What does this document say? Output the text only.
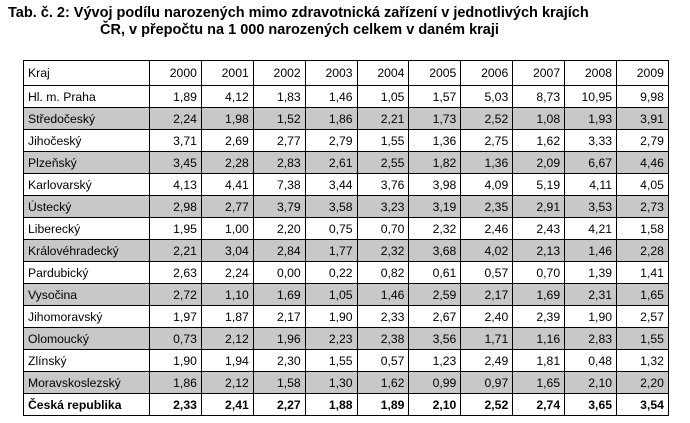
Tab. č. 2: Vývoj podílu narozených mimo zdravotnická zařízení v jednotlivých krajích
ČR, v přepočtu na 1 000 narozených celkem v daném kraji
Kraj	2000	2001	2002	2003	2004	2005	2006	2007	2008	2009
Hl. m. Praha	1,89	4,12	1,83	1,46	1,05	1,57	5,03	8,73	10,95	9,98
Středočeský	2,24	1,98	1,52	1,86	2,21	1,73	2,52	1,08	1,93	3,91
Jihočeský	3,71	2,69	2,77	2,79	1,55	1,36	2,75	1,62	3,33	2,79
Plzeňský	3,45	2,28	2,83	2,61	2,55	1,82	1,36	2,09	6,67	4,46
Karlovarský	4,13	4,41	7,38	3,44	3,76	3,98	4,09	5,19	4,11	4,05
Ústecký	2,98	2,77	3,79	3,58	3,23	3,19	2,35	2,91	3,53	2,73
Liberecký	1,95	1,00	2,20	0,75	0,70	2,32	2,46	2,43	4,21	1,58
Královéhradecký	2,21	3,04	2,84	1,77	2,32	3,68	4,02	2,13	1,46	2,28
Pardubický	2,63	2,24	0,00	0,22	0,82	0,61	0,57	0,70	1,39	1,41
Vysočina	2,72	1,10	1,69	1,05	1,46	2,59	2,17	1,69	2,31	1,65
Jihomoravský	1,97	1,87	2,17	1,90	2,33	2,67	2,40	2,39	1,90	2,57
Olomoucký	0,73	2,12	1,96	2,23	2,38	3,56	1,71	1,16	2,83	1,55
Zlínský	1,90	1,94	2,30	1,55	0,57	1,23	2,49	1,81	0,48	1,32
Moravskoslezský	1,86	2,12	1,58	1,30	1,62	0,99	0,97	1,65	2,10	2,20
Česká republika	2,33	2,41	2,27	1,88	1,89	2,10	2,52	2,74	3,65	3,54
